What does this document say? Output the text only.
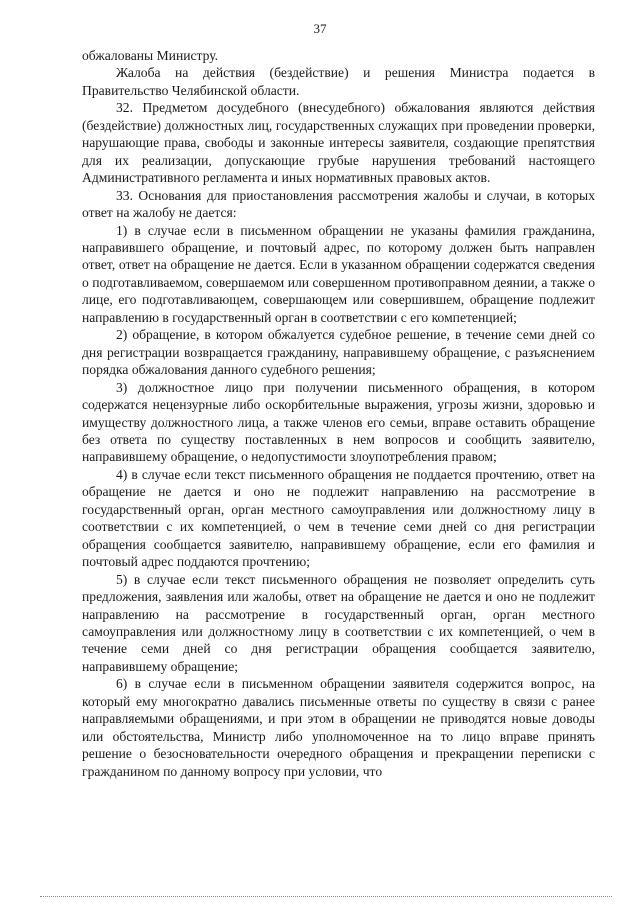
37

обжалованы Министру.

Жалоба на действия (бездействие) и решения Министра подается в Правительство Челябинской области.

32. Предметом досудебного (внесудебного) обжалования являются действия (бездействие) должностных лиц, государственных служащих при проведении проверки, нарушающие права, свободы и законные интересы заявителя, создающие препятствия для их реализации, допускающие грубые нарушения требований настоящего Административного регламента и иных нормативных правовых актов.

33. Основания для приостановления рассмотрения жалобы и случаи, в которых ответ на жалобу не дается:

1) в случае если в письменном обращении не указаны фамилия гражданина, направившего обращение, и почтовый адрес, по которому должен быть направлен ответ, ответ на обращение не дается. Если в указанном обращении содержатся сведения о подготавливаемом, совершаемом или совершенном противоправном деянии, а также о лице, его подготавливающем, совершающем или совершившем, обращение подлежит направлению в государственный орган в соответствии с его компетенцией;

2) обращение, в котором обжалуется судебное решение, в течение семи дней со дня регистрации возвращается гражданину, направившему обращение, с разъяснением порядка обжалования данного судебного решения;

3) должностное лицо при получении письменного обращения, в котором содержатся нецензурные либо оскорбительные выражения, угрозы жизни, здоровью и имуществу должностного лица, а также членов его семьи, вправе оставить обращение без ответа по существу поставленных в нем вопросов и сообщить заявителю, направившему обращение, о недопустимости злоупотребления правом;

4) в случае если текст письменного обращения не поддается прочтению, ответ на обращение не дается и оно не подлежит направлению на рассмотрение в государственный орган, орган местного самоуправления или должностному лицу в соответствии с их компетенцией, о чем в течение семи дней со дня регистрации обращения сообщается заявителю, направившему обращение, если его фамилия и почтовый адрес поддаются прочтению;

5) в случае если текст письменного обращения не позволяет определить суть предложения, заявления или жалобы, ответ на обращение не дается и оно не подлежит направлению на рассмотрение в государственный орган, орган местного самоуправления или должностному лицу в соответствии с их компетенцией, о чем в течение семи дней со дня регистрации обращения сообщается заявителю, направившему обращение;

6) в случае если в письменном обращении заявителя содержится вопрос, на который ему многократно давались письменные ответы по существу в связи с ранее направляемыми обращениями, и при этом в обращении не приводятся новые доводы или обстоятельства, Министр либо уполномоченное на то лицо вправе принять решение о безосновательности очередного обращения и прекращении переписки с гражданином по данному вопросу при условии, что
